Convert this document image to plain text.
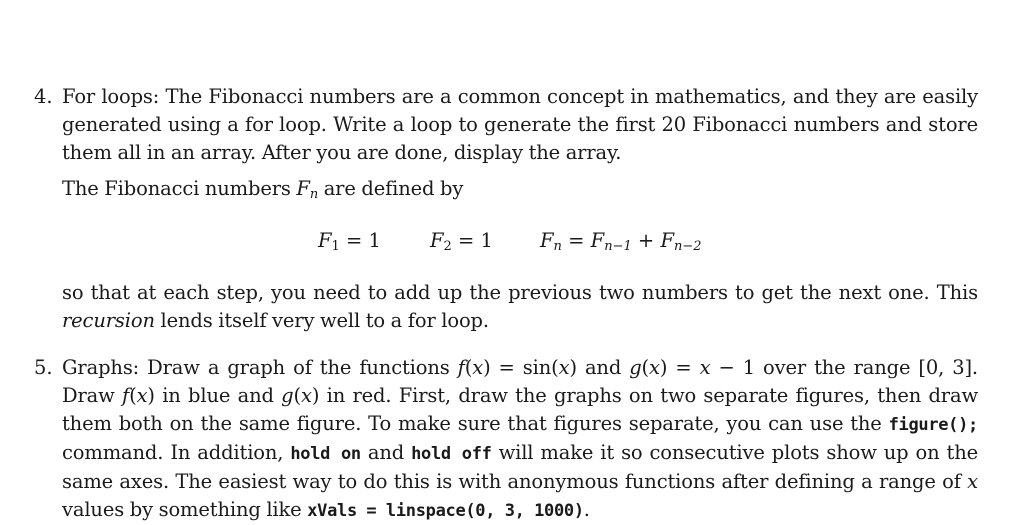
4. For loops: The Fibonacci numbers are a common concept in mathematics, and they are easily generated using a for loop. Write a loop to generate the first 20 Fibonacci numbers and store them all in an array. After you are done, display the array.
The Fibonacci numbers $F_n$ are defined by
$F_1 = 1$	$F_2 = 1$ $F_n = F_{n-1} + F_{n-2}$
so that at each step, you need to add up the previous two numbers to get the next one. This recursion lends itself very well to a for loop.
5. Graphs: Draw a graph of the functions f(x) = sin(x) and g(x) = x − 1 over the range [0, 3]. Draw f(x) in blue and g(x) in red. First, draw the graphs on two separate figures, then draw them both on the same figure. To make sure that figures separate, you can use the figure(); command. In addition, hold on and hold off will make it so consecutive plots show up on the same axes. The easiest way to do this is with anonymous functions after defining a range of x values by something like xVals = linspace(0, 3, 1000).
